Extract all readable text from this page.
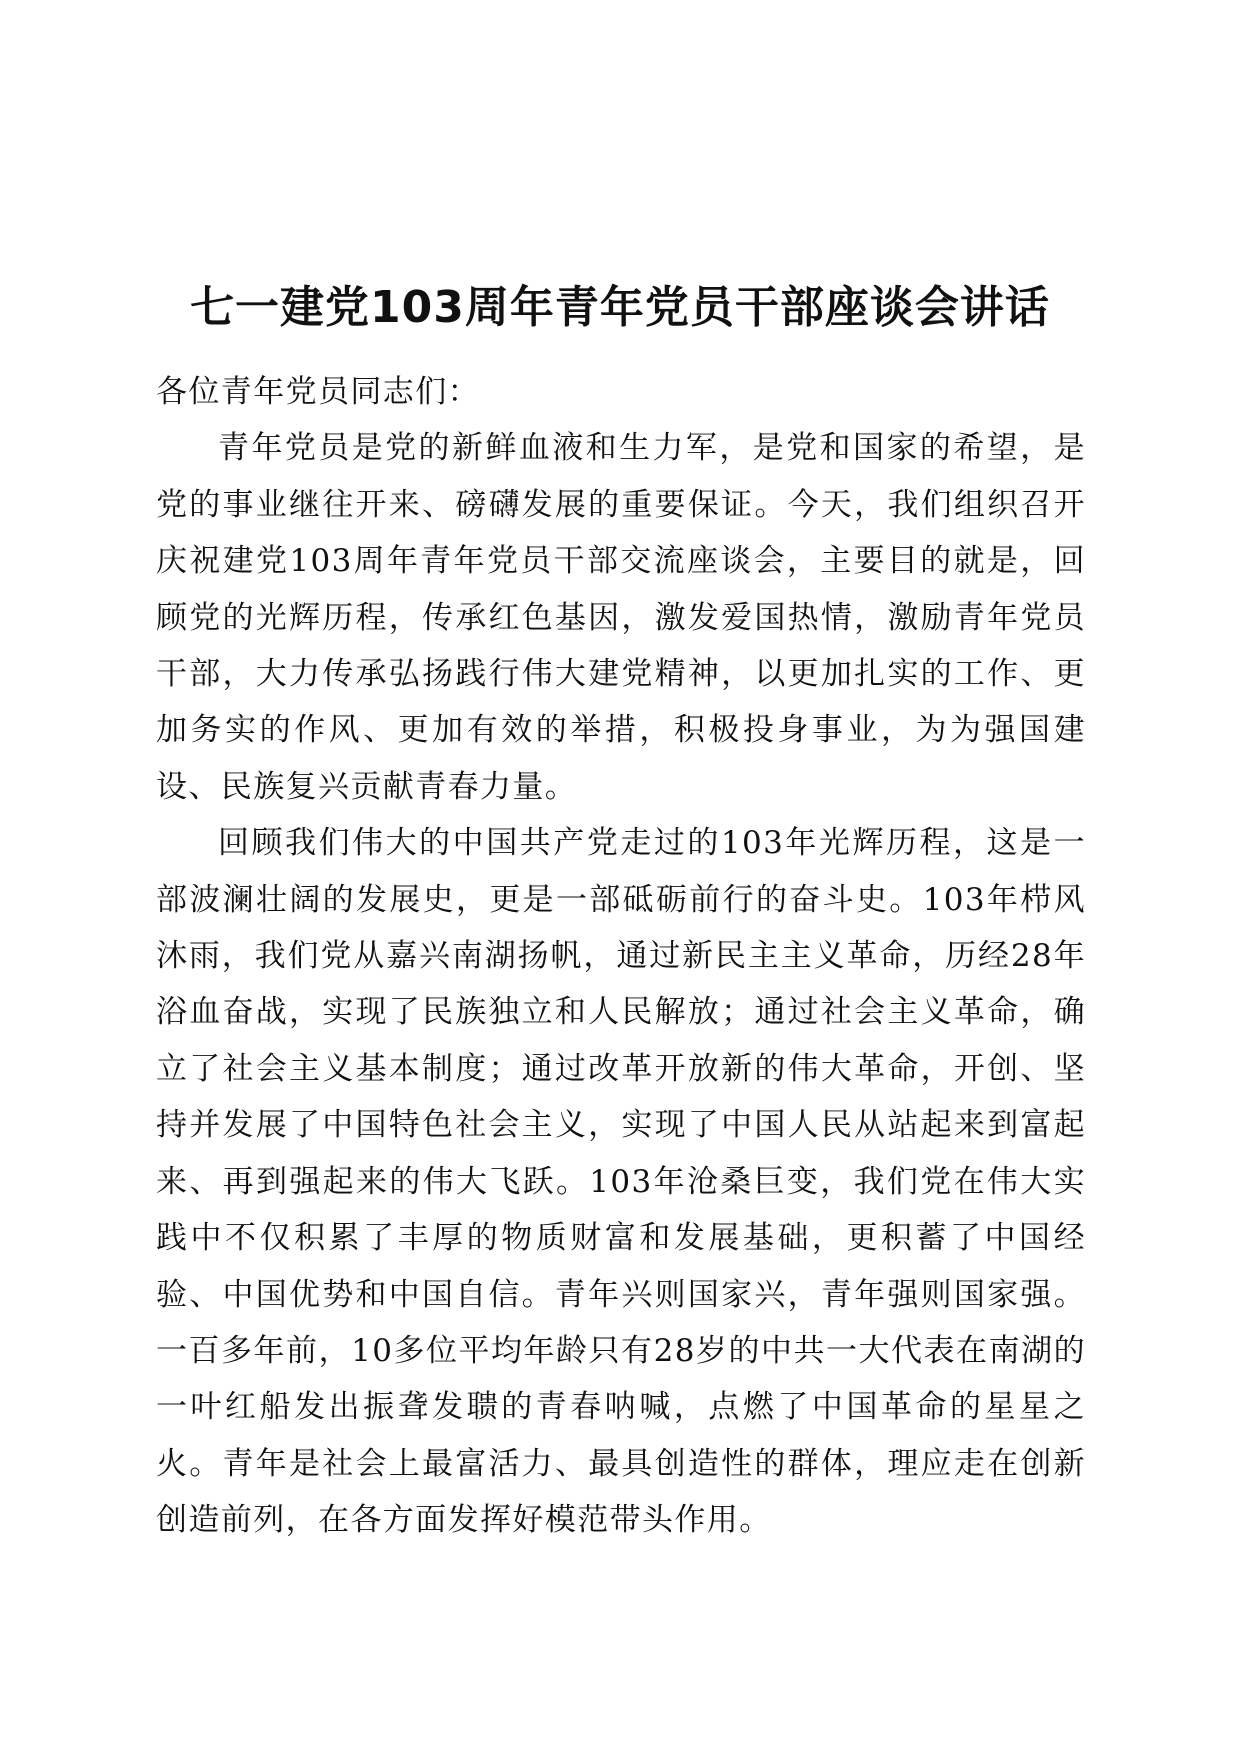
七一建党103周年青年党员干部座谈会讲话

各位青年党员同志们：

青年党员是党的新鲜血液和生力军，是党和国家的希望，是党的事业继往开来、磅礴发展的重要保证。今天，我们组织召开庆祝建党103周年青年党员干部交流座谈会，主要目的就是，回顾党的光辉历程，传承红色基因，激发爱国热情，激励青年党员干部，大力传承弘扬践行伟大建党精神，以更加扎实的工作、更加务实的作风、更加有效的举措，积极投身事业，为为强国建设、民族复兴贡献青春力量。

回顾我们伟大的中国共产党走过的103年光辉历程，这是一部波澜壮阔的发展史，更是一部砥砺前行的奋斗史。103年栉风沐雨，我们党从嘉兴南湖扬帆，通过新民主主义革命，历经28年浴血奋战，实现了民族独立和人民解放；通过社会主义革命，确立了社会主义基本制度；通过改革开放新的伟大革命，开创、坚持并发展了中国特色社会主义，实现了中国人民从站起来到富起来、再到强起来的伟大飞跃。103年沧桑巨变，我们党在伟大实践中不仅积累了丰厚的物质财富和发展基础，更积蓄了中国经验、中国优势和中国自信。青年兴则国家兴，青年强则国家强。一百多年前，10多位平均年龄只有28岁的中共一大代表在南湖的一叶红船发出振聋发聩的青春呐喊，点燃了中国革命的星星之火。青年是社会上最富活力、最具创造性的群体，理应走在创新创造前列，在各方面发挥好模范带头作用。
